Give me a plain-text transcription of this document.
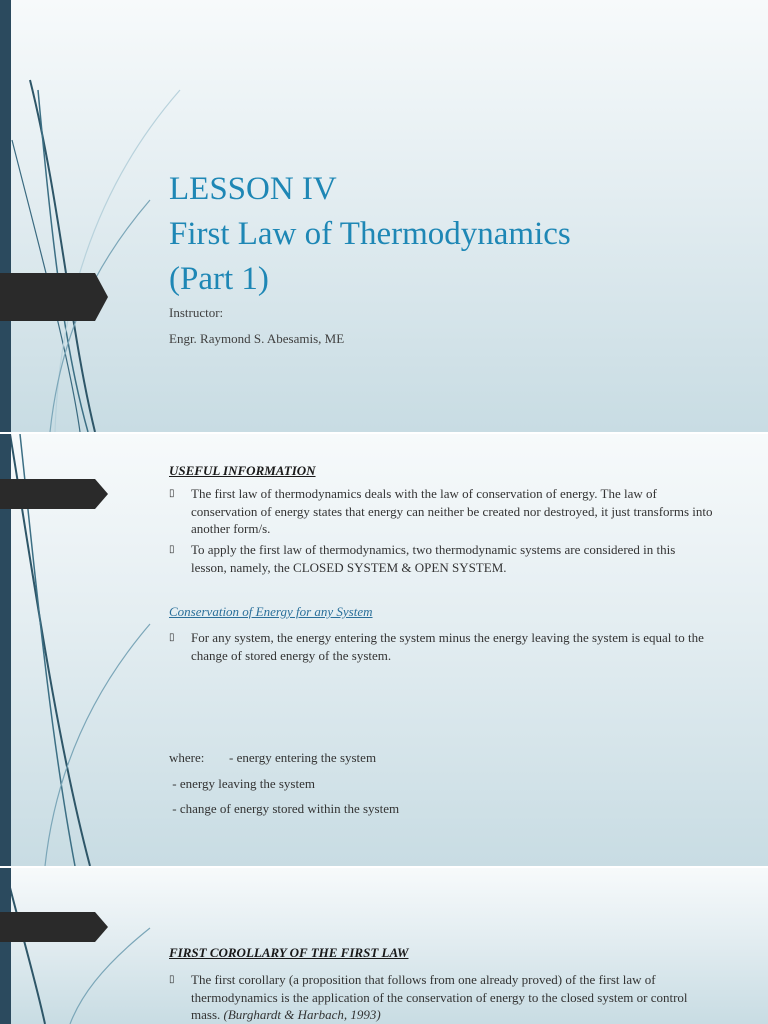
LESSON IV
First Law of Thermodynamics
(Part 1)
Instructor:
Engr. Raymond S. Abesamis, ME
USEFUL INFORMATION
▯ The first law of thermodynamics deals with the law of conservation of energy. The law of conservation of energy states that energy can neither be created nor destroyed, it just transforms into another form/s.
▯ To apply the first law of thermodynamics, two thermodynamic systems are considered in this lesson, namely, the CLOSED SYSTEM & OPEN SYSTEM.
Conservation of Energy for any System
▯ For any system, the energy entering the system minus the energy leaving the system is equal to the change of stored energy of the system.
where: - energy entering the system
- energy leaving the system
- change of energy stored within the system
FIRST COROLLARY OF THE FIRST LAW
▯ The first corollary (a proposition that follows from one already proved) of the first law of thermodynamics is the application of the conservation of energy to the closed system or control mass. (Burghardt & Harbach, 1993)
